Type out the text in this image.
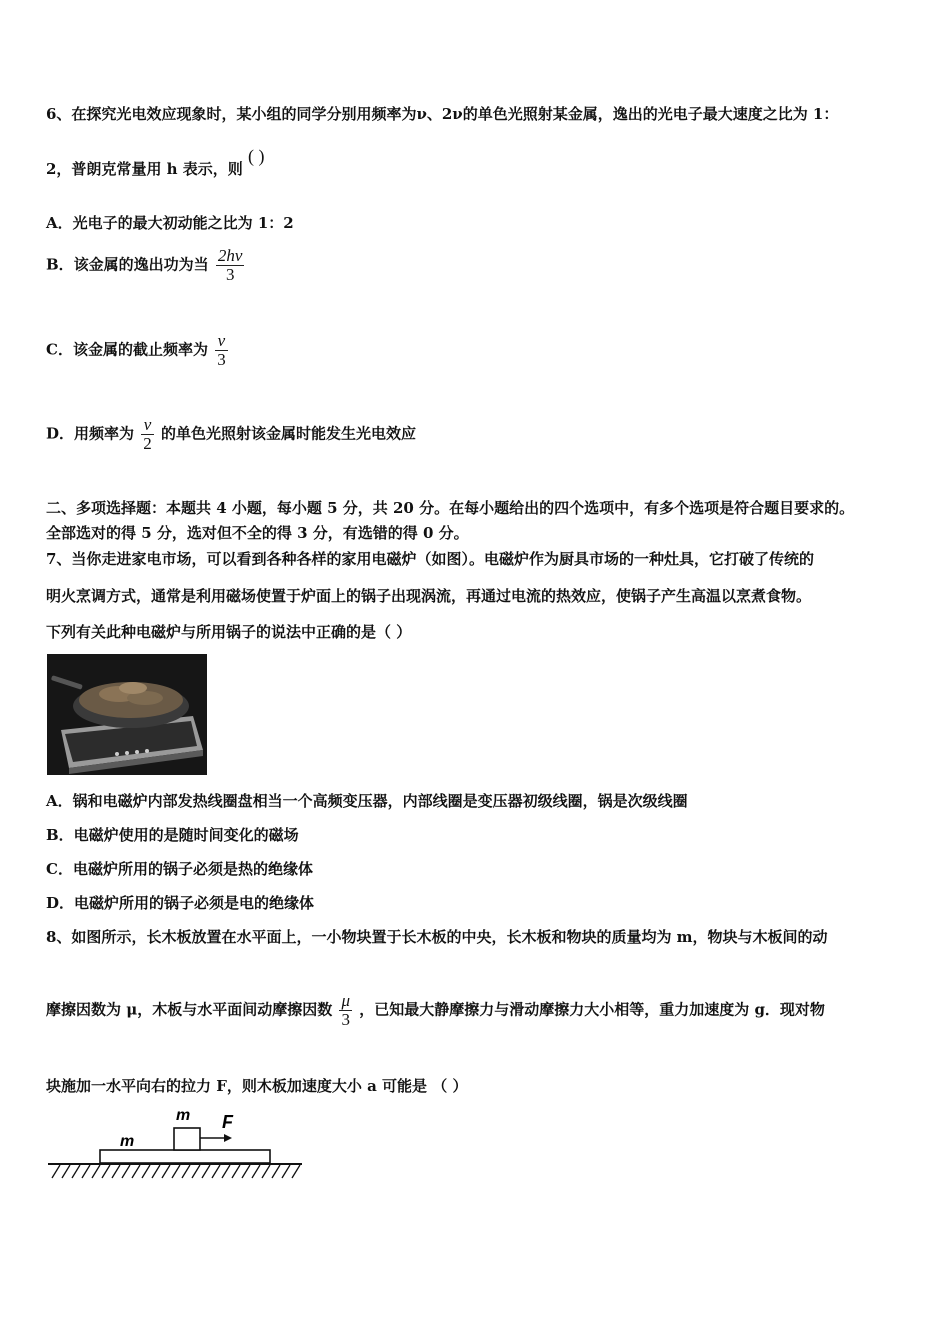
6、在探究光电效应现象时，某小组的同学分别用频率为ν、2ν的单色光照射某金属，逸出的光电子最大速度之比为 1：
2，普朗克常量用 h 表示，则 ( )
A．光电子的最大初动能之比为 1：2
B．该金属的逸出功为当 $\frac{2h\nu}{3}$
C．该金属的截止频率为 $\frac{\nu}{3}$
D．用频率为 $\frac{\nu}{2}$ 的单色光照射该金属时能发生光电效应
二、多项选择题：本题共 4 小题，每小题 5 分，共 20 分。在每小题给出的四个选项中，有多个选项是符合题目要求的。
全部选对的得 5 分，选对但不全的得 3 分，有选错的得 0 分。
7、当你走进家电市场，可以看到各种各样的家用电磁炉（如图）。电磁炉作为厨具市场的一种灶具，它打破了传统的
明火烹调方式，通常是利用磁场使置于炉面上的锅子出现涡流，再通过电流的热效应，使锅子产生高温以烹煮食物。
下列有关此种电磁炉与所用锅子的说法中正确的是（ ）
A．锅和电磁炉内部发热线圈盘相当一个高频变压器，内部线圈是变压器初级线圈，锅是次级线圈
B．电磁炉使用的是随时间变化的磁场
C．电磁炉所用的锅子必须是热的绝缘体
D．电磁炉所用的锅子必须是电的绝缘体
8、如图所示，长木板放置在水平面上，一小物块置于长木板的中央，长木板和物块的质量均为 m，物块与木板间的动
摩擦因数为 μ，木板与水平面间动摩擦因数 $\frac{\mu}{3}$ ，已知最大静摩擦力与滑动摩擦力大小相等，重力加速度为 g．现对物
块施加一水平向右的拉力 F，则木板加速度大小 a 可能是 （ ）
m
m
F
